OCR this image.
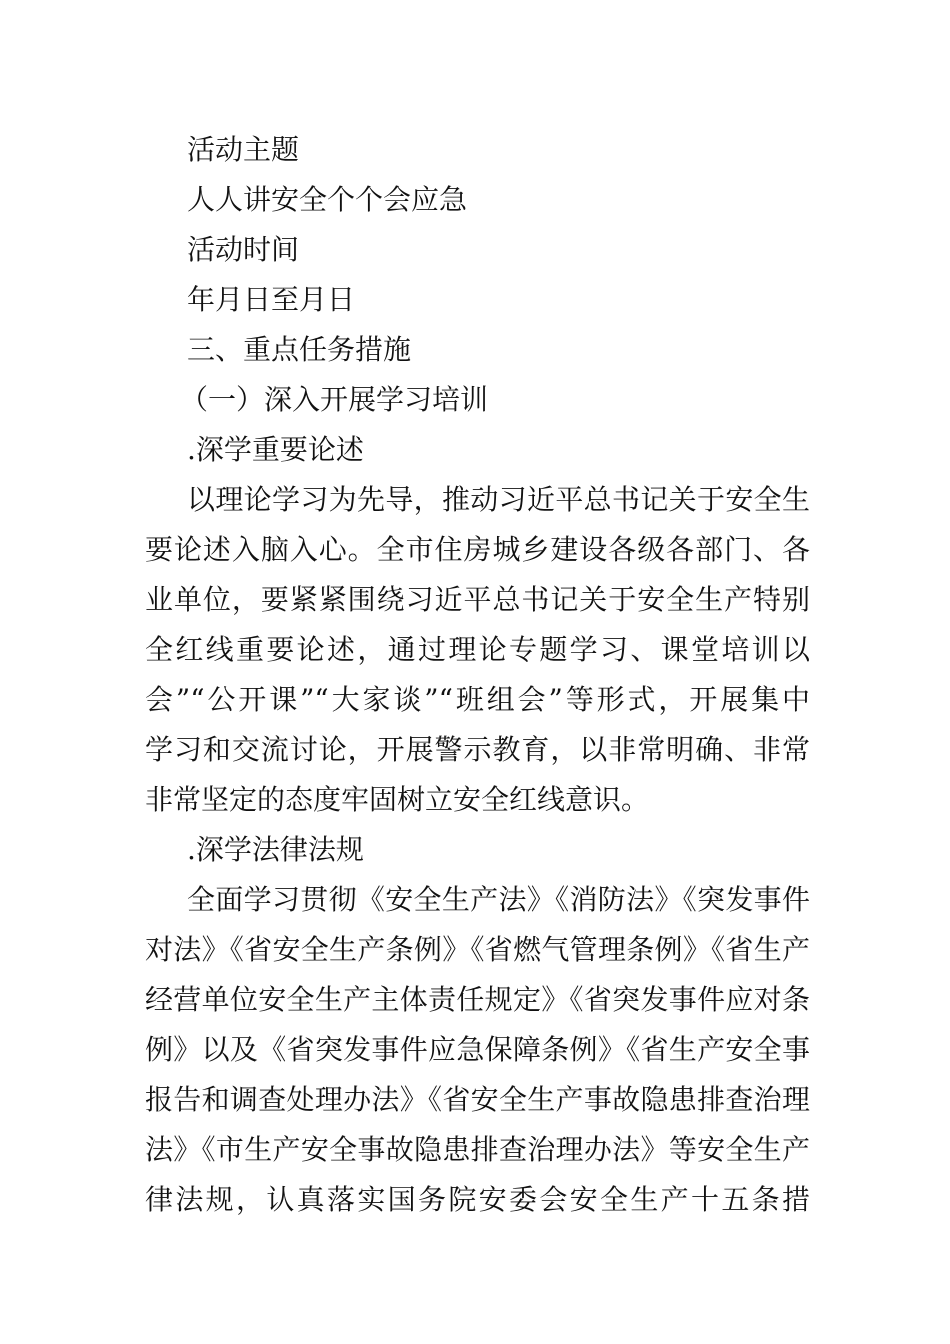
活动主题
人人讲安全个个会应急
活动时间
年月日至月日
三、重点任务措施
（一）深入开展学习培训
.深学重要论述
以理论学习为先导，推动习近平总书记关于安全生
要论述入脑入心。全市住房城乡建设各级各部门、各
业单位，要紧紧围绕习近平总书记关于安全生产特别
全红线重要论述，通过理论专题学习、课堂培训以
会”“公开课”“大家谈”“班组会”等形式，开展集中
学习和交流讨论，开展警示教育，以非常明确、非常
非常坚定的态度牢固树立安全红线意识。
.深学法律法规
全面学习贯彻《安全生产法》《消防法》《突发事件
对法》《省安全生产条例》《省燃气管理条例》《省生产
经营单位安全生产主体责任规定》《省突发事件应对条
例》以及《省突发事件应急保障条例》《省生产安全事
报告和调查处理办法》《省安全生产事故隐患排查治理
法》《市生产安全事故隐患排查治理办法》等安全生产
律法规，认真落实国务院安委会安全生产十五条措
